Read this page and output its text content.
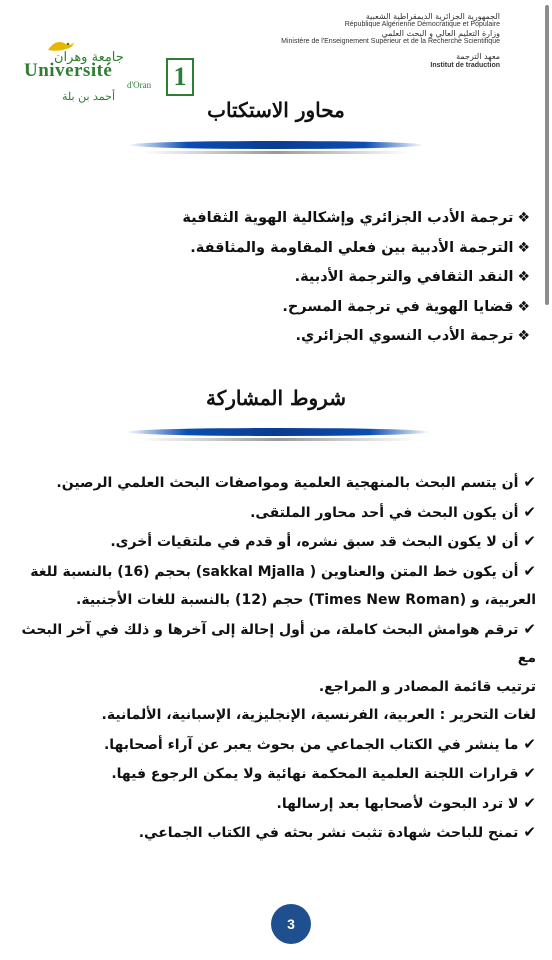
جامعة وهران
Université
d'Oran
أحمد بن بلة
1
الجمهورية الجزائرية الديمقراطية الشعبية
République Algérienne Démocratique et Populaire
وزارة التعليم العالي و البحث العلمي
Ministère de l'Enseignement Supérieur et de la Recherche Scientifique
معهد الترجمة
Institut de traduction
محاور الاستكتاب
❖ترجمة الأدب الجزائري وإشكالية الهوية الثقافية
❖الترجمة الأدبية بين فعلي المقاومة والمثاقفة.
❖النقد الثقافي والترجمة الأدبية.
❖قضايا الهوية في ترجمة المسرح.
❖ترجمة الأدب النسوي الجزائري.
شروط المشاركة
✔أن يتسم البحث بالمنهجية العلمية ومواصفات البحث العلمي الرصين.
✔أن يكون البحث في أحد محاور الملتقى.
✔أن لا يكون البحث قد سبق نشره، أو قدم في ملتقيات أخرى.
✔أن يكون خط المتن والعناوين ( sakkal Mjalla) بحجم (16) بالنسبة للغة
العربية، و (Times New Roman) حجم (12) بالنسبة للغات الأجنبية.
✔ترقم هوامش البحث كاملة، من أول إحالة إلى آخرها و ذلك في آخر البحث مع
ترتيب قائمة المصادر و المراجع.
لغات التحرير : العربية، الفرنسية، الإنجليزية، الإسبانية، الألمانية.
✔ما ينشر في الكتاب الجماعي من بحوث يعبر عن آراء أصحابها.
✔قرارات اللجنة العلمية المحكمة نهائية ولا يمكن الرجوع فيها.
✔لا ترد البحوث لأصحابها بعد إرسالها.
✔تمنح للباحث شهادة تثبت نشر بحثه في الكتاب الجماعي.
3
